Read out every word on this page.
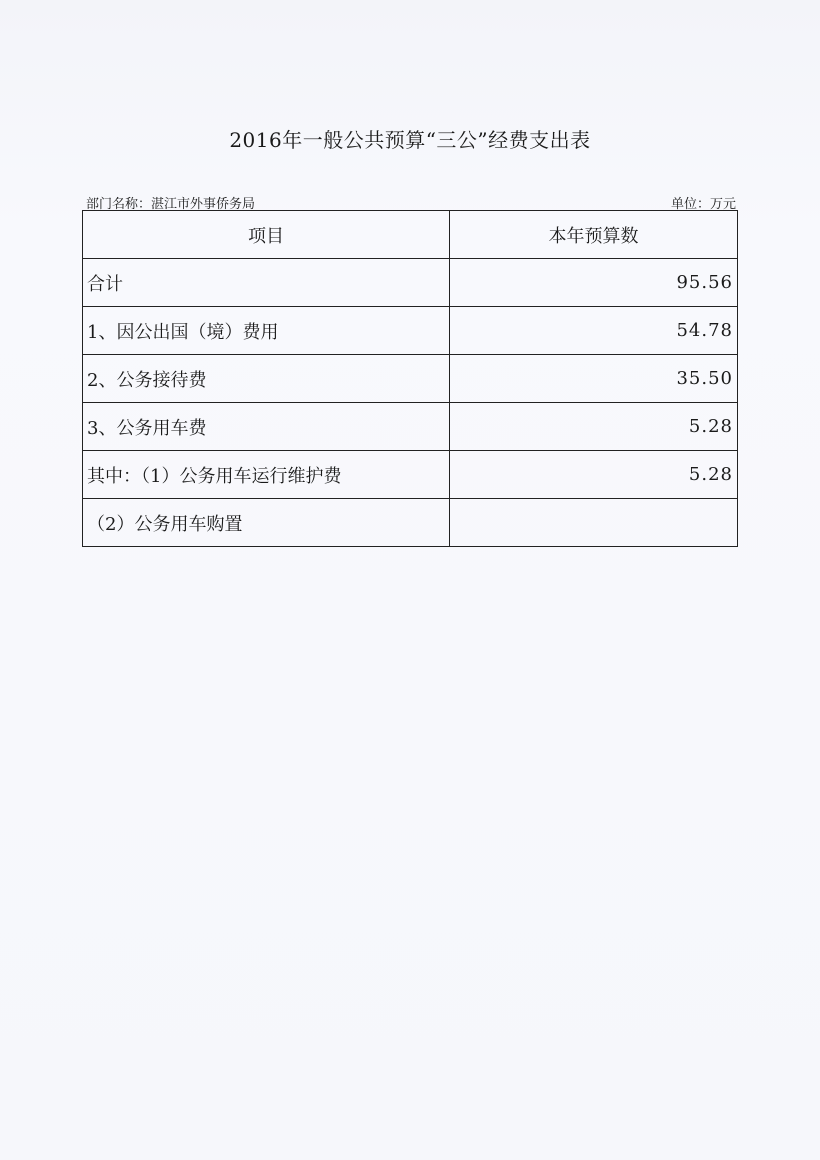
2016年一般公共预算“三公”经费支出表
部门名称：湛江市外事侨务局	单位：万元
项目	本年预算数
合计	95.56
1、因公出国（境）费用	54.78
2、公务接待费	35.50
3、公务用车费	5.28
其中：（1）公务用车运行维护费	5.28
（2）公务用车购置	
